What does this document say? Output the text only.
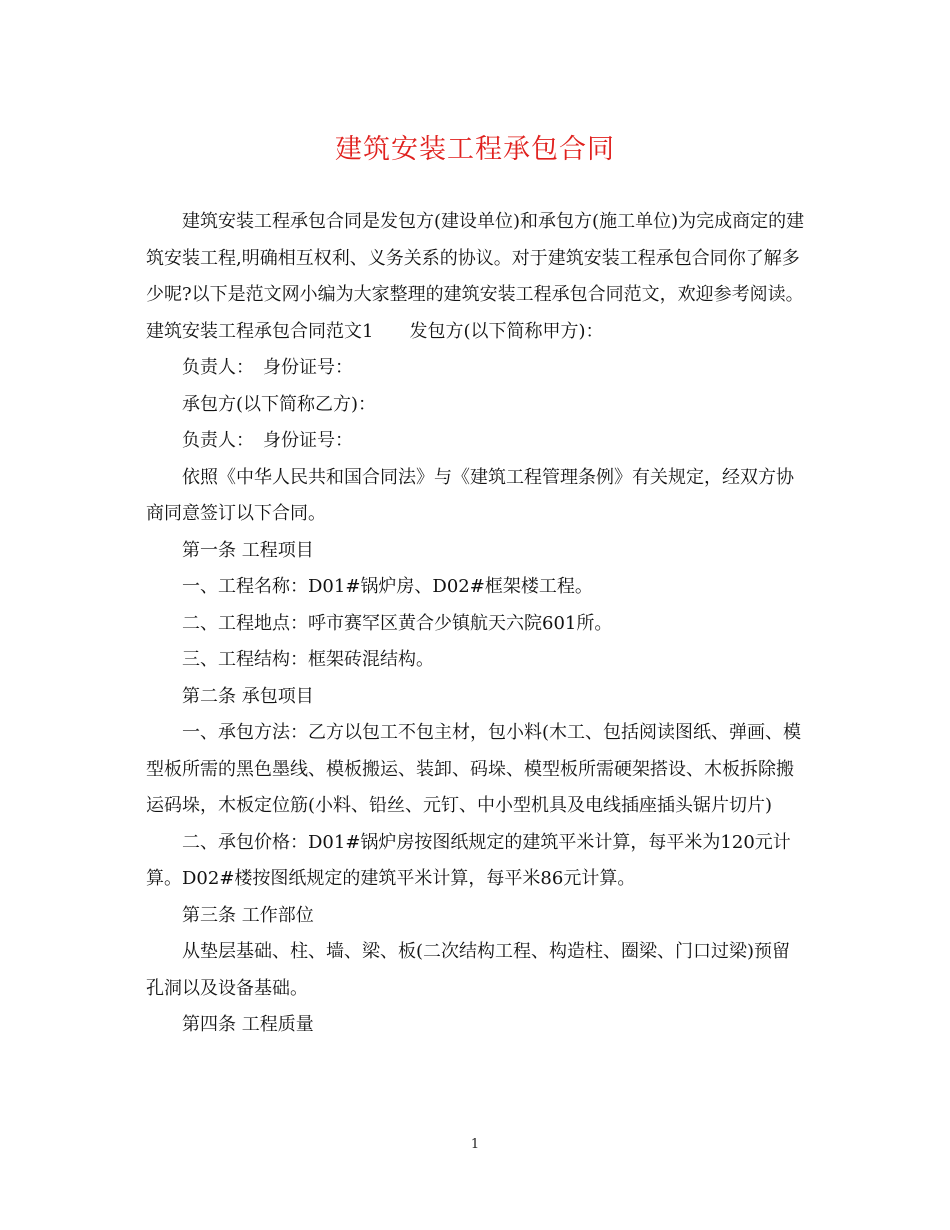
建筑安装工程承包合同

建筑安装工程承包合同是发包方(建设单位)和承包方(施工单位)为完成商定的建筑安装工程,明确相互权利、义务关系的协议。对于建筑安装工程承包合同你了解多少呢?以下是范文网小编为大家整理的建筑安装工程承包合同范文，欢迎参考阅读。

建筑安装工程承包合同范文1　　发包方(以下简称甲方)：

负责人：　身份证号：

承包方(以下简称乙方)：

负责人：　身份证号：

依照《中华人民共和国合同法》与《建筑工程管理条例》有关规定，经双方协商同意签订以下合同。

第一条 工程项目

一、工程名称：D01#锅炉房、D02#框架楼工程。

二、工程地点：呼市赛罕区黄合少镇航天六院601所。

三、工程结构：框架砖混结构。

第二条 承包项目

一、承包方法：乙方以包工不包主材，包小料(木工、包括阅读图纸、弹画、模型板所需的黑色墨线、模板搬运、装卸、码垛、模型板所需硬架搭设、木板拆除搬运码垛，木板定位筋(小料、铅丝、元钉、中小型机具及电线插座插头锯片切片)

二、承包价格：D01#锅炉房按图纸规定的建筑平米计算，每平米为120元计算。D02#楼按图纸规定的建筑平米计算，每平米86元计算。

第三条 工作部位

从垫层基础、柱、墙、梁、板(二次结构工程、构造柱、圈梁、门口过梁)预留孔洞以及设备基础。

第四条 工程质量

1
